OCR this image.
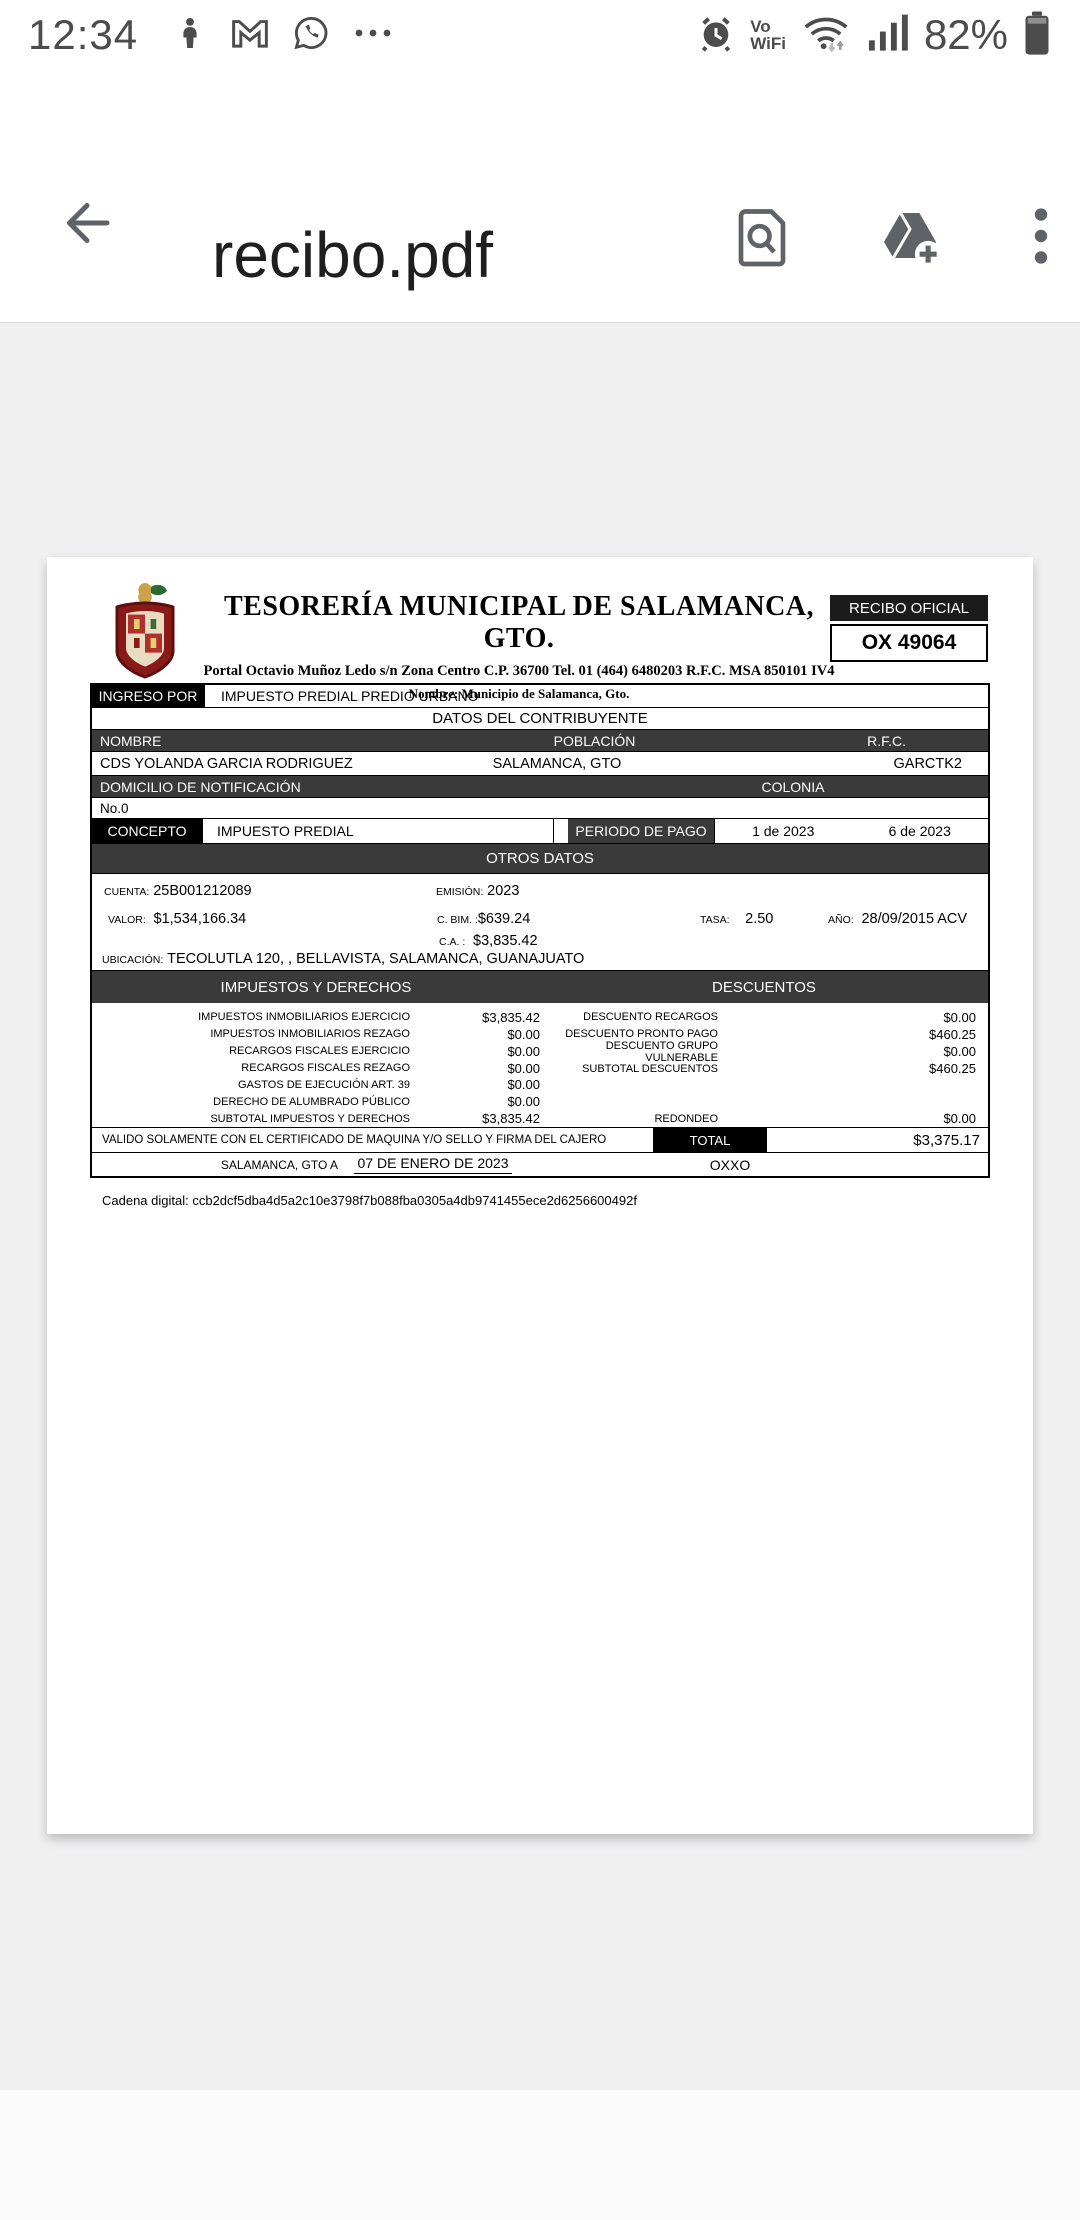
12:34	Vo
WiFi	82%
recibo.pdf
TESORERÍA MUNICIPAL DE SALAMANCA, GTO.
Portal Octavio Muñoz Ledo s/n Zona Centro C.P. 36700 Tel. 01 (464) 6480203 R.F.C. MSA 850101 IV4
Nombre: Municipio de Salamanca, Gto.
RECIBO OFICIAL
OX 49064
INGRESO POR	IMPUESTO PREDIAL PREDIO URBANO
DATOS DEL CONTRIBUYENTE
NOMBRE	POBLACIÓN	R.F.C.
CDS YOLANDA GARCIA RODRIGUEZ	SALAMANCA, GTO	GARCTK2
DOMICILIO DE NOTIFICACIÓN	COLONIA
No.0
CONCEPTO	IMPUESTO PREDIAL	PERIODO DE PAGO	1 de 2023	6 de 2023
OTROS DATOS
CUENTA: 25B001212089	EMISIÓN: 2023
VALOR: $1,534,166.34	C. BIM. :$639.24	TASA: 2.50	AÑO: 28/09/2015 ACV
C.A. : $3,835.42
UBICACIÓN: TECOLUTLA 120, , BELLAVISTA, SALAMANCA, GUANAJUATO
IMPUESTOS Y DERECHOS	DESCUENTOS
IMPUESTOS INMOBILIARIOS EJERCICIO	$3,835.42
IMPUESTOS INMOBILIARIOS REZAGO	$0.00
RECARGOS FISCALES EJERCICIO	$0.00
RECARGOS FISCALES REZAGO	$0.00
GASTOS DE EJECUCIÓN ART. 39	$0.00
DERECHO DE ALUMBRADO PÚBLICO	$0.00
SUBTOTAL IMPUESTOS Y DERECHOS	$3,835.42
DESCUENTO RECARGOS	$0.00
DESCUENTO PRONTO PAGO	$460.25
DESCUENTO GRUPO VULNERABLE	$0.00
SUBTOTAL DESCUENTOS	$460.25
REDONDEO	$0.00
VALIDO SOLAMENTE CON EL CERTIFICADO DE MAQUINA Y/O SELLO Y FIRMA DEL CAJERO	TOTAL	$3,375.17
SALAMANCA, GTO A 07 DE ENERO DE 2023	OXXO
Cadena digital: ccb2dcf5dba4d5a2c10e3798f7b088fba0305a4db9741455ece2d6256600492f
